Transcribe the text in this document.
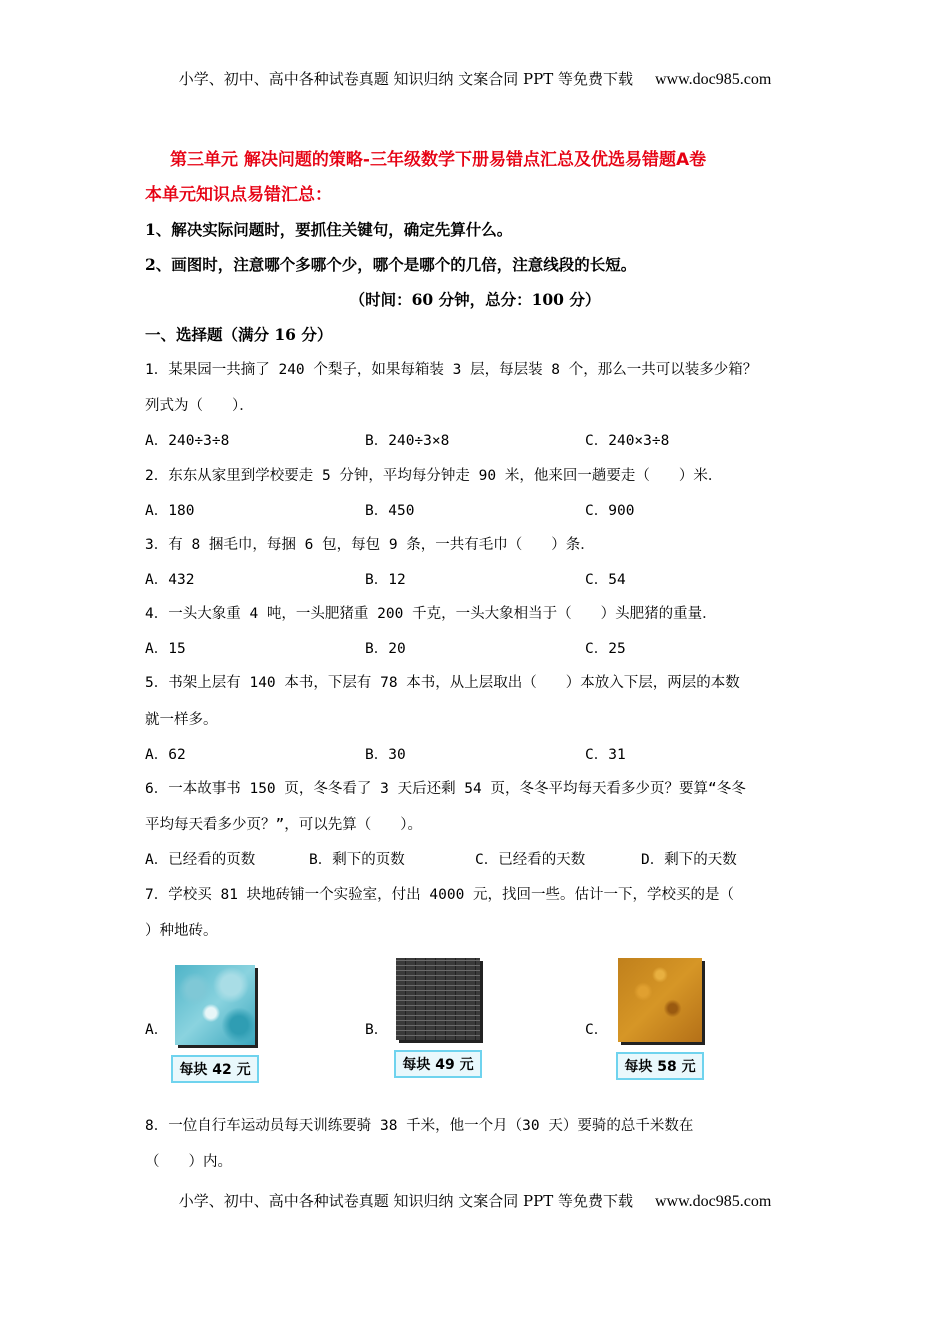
小学、初中、高中各种试卷真题 知识归纳 文案合同 PPT 等免费下载 www.doc985.com
第三单元 解决问题的策略-三年级数学下册易错点汇总及优选易错题A卷
本单元知识点易错汇总：
1、解决实际问题时，要抓住关键句，确定先算什么。
2、画图时，注意哪个多哪个少，哪个是哪个的几倍，注意线段的长短。
（时间：60 分钟，总分：100 分）
一、选择题（满分 16 分）
1．某果园一共摘了 240 个梨子，如果每箱装 3 层，每层装 8 个，那么一共可以装多少箱？
列式为（　　）．
A．240÷3÷8	B．240÷3×8	C．240×3÷8
2．东东从家里到学校要走 5 分钟，平均每分钟走 90 米，他来回一趟要走（　　）米．
A．180	B．450	C．900
3．有 8 捆毛巾，每捆 6 包，每包 9 条，一共有毛巾（　　）条．
A．432	B．12	C．54
4．一头大象重 4 吨，一头肥猪重 200 千克，一头大象相当于（　　）头肥猪的重量．
A．15	B．20	C．25
5．书架上层有 140 本书，下层有 78 本书，从上层取出（　　）本放入下层，两层的本数
就一样多。
A．62	B．30	C．31
6．一本故事书 150 页，冬冬看了 3 天后还剩 54 页，冬冬平均每天看多少页？要算“冬冬
平均每天看多少页？”，可以先算（　　）。
A．已经看的页数	B．剩下的页数	C．已经看的天数	D．剩下的天数
7．学校买 81 块地砖铺一个实验室，付出 4000 元，找回一些。估计一下，学校买的是（
）种地砖。
A．
每块 42 元
B．
每块 49 元
C．
每块 58 元
8．一位自行车运动员每天训练要骑 38 千米，他一个月（30 天）要骑的总千米数在
（　　）内。
小学、初中、高中各种试卷真题 知识归纳 文案合同 PPT 等免费下载 www.doc985.com
